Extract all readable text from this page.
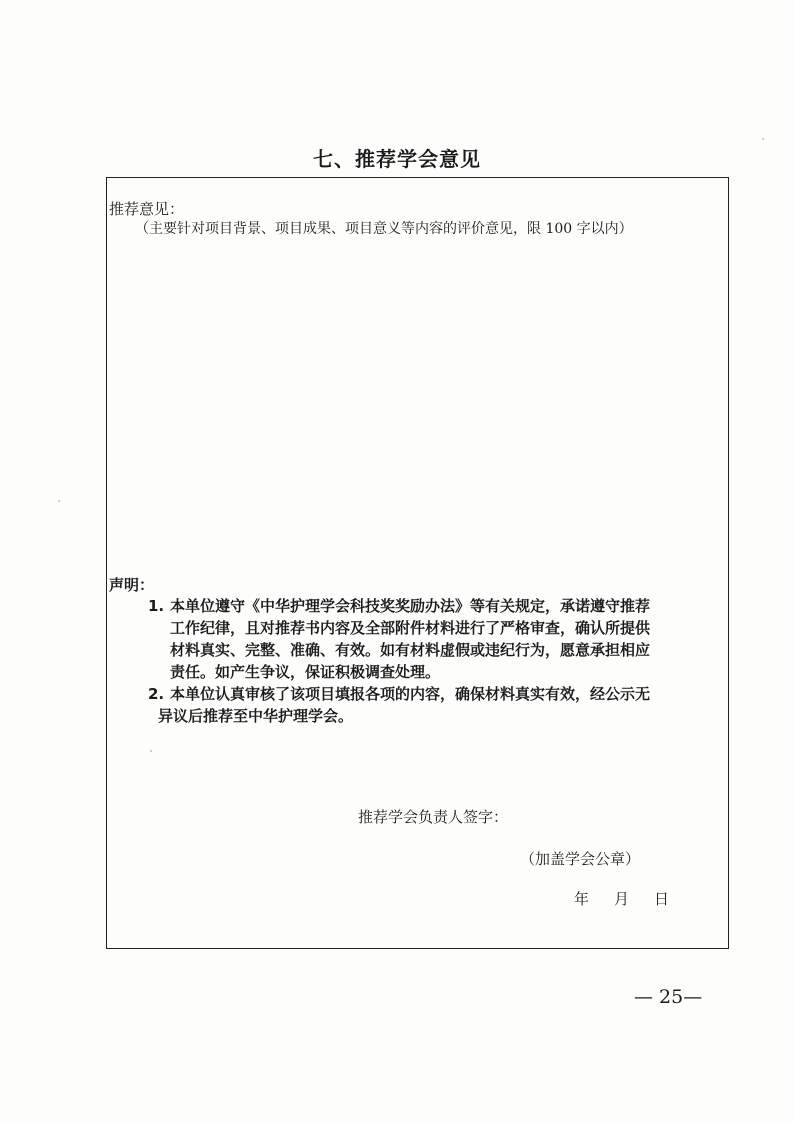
七、推荐学会意见
推荐意见：
（主要针对项目背景、项目成果、项目意义等内容的评价意见，限 100 字以内）
声明：
1. 本单位遵守《中华护理学会科技奖奖励办法》等有关规定，承诺遵守推荐
工作纪律，且对推荐书内容及全部附件材料进行了严格审查，确认所提供
材料真实、完整、准确、有效。如有材料虚假或违纪行为，愿意承担相应
责任。如产生争议，保证积极调查处理。
2. 本单位认真审核了该项目填报各项的内容，确保材料真实有效，经公示无
异议后推荐至中华护理学会。
推荐学会负责人签字：
（加盖学会公章）
年 月 日
— 25—
